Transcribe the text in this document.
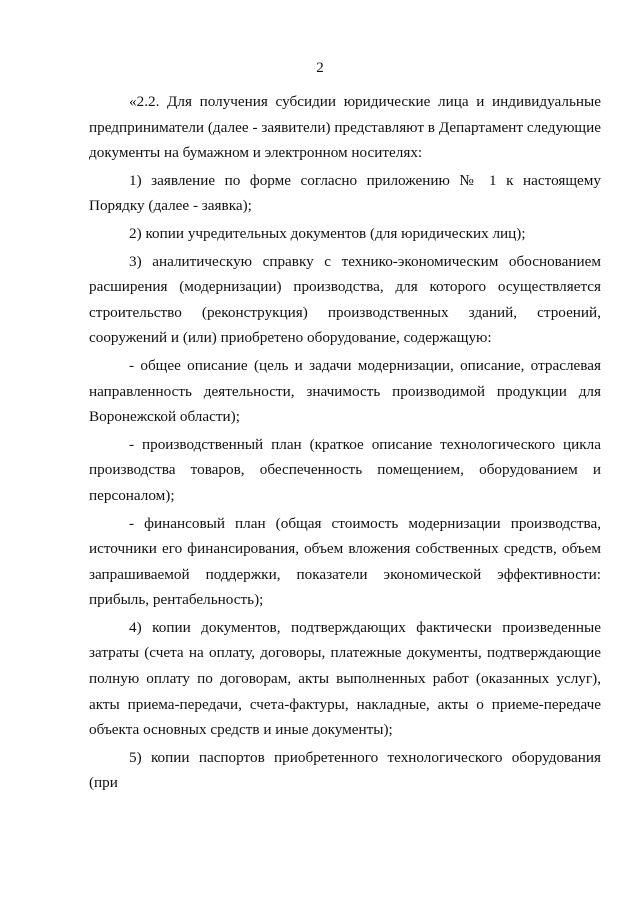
2

«2.2. Для получения субсидии юридические лица и индивидуальные предприниматели (далее - заявители) представляют в Департамент следующие документы на бумажном и электронном носителях:

1) заявление по форме согласно приложению № 1 к настоящему Порядку (далее - заявка);

2) копии учредительных документов (для юридических лиц);

3) аналитическую справку с технико-экономическим обоснованием расширения (модернизации) производства, для которого осуществляется строительство (реконструкция) производственных зданий, строений, сооружений и (или) приобретено оборудование, содержащую:

- общее описание (цель и задачи модернизации, описание, отраслевая направленность деятельности, значимость производимой продукции для Воронежской области);

- производственный план (краткое описание технологического цикла производства товаров, обеспеченность помещением, оборудованием и персоналом);

- финансовый план (общая стоимость модернизации производства, источники его финансирования, объем вложения собственных средств, объем запрашиваемой поддержки, показатели экономической эффективности: прибыль, рентабельность);

4) копии документов, подтверждающих фактически произведенные затраты (счета на оплату, договоры, платежные документы, подтверждающие полную оплату по договорам, акты выполненных работ (оказанных услуг), акты приема-передачи, счета-фактуры, накладные, акты о приеме-передаче объекта основных средств и иные документы);

5) копии паспортов приобретенного технологического оборудования (при
